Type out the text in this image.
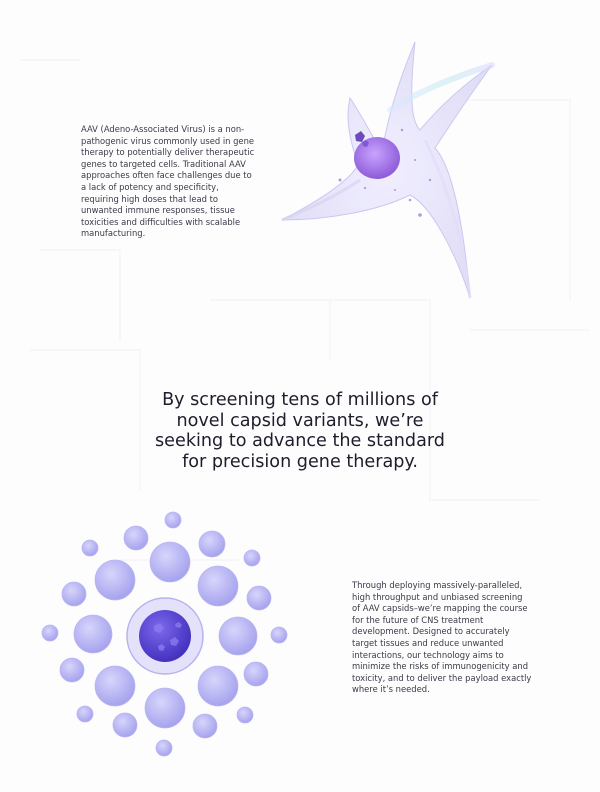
AAV (Adeno-Associated Virus) is a non-pathogenic virus commonly used in gene therapy to potentially deliver therapeutic genes to targeted cells. Traditional AAV approaches often face challenges due to a lack of potency and specificity, requiring high doses that lead to unwanted immune responses, tissue toxicities and difficulties with scalable manufacturing.

By screening tens of millions of novel capsid variants, we’re seeking to advance the standard for precision gene therapy.

Through deploying massively-paralleled, high throughput and unbiased screening of AAV capsids–we’re mapping the course for the future of CNS treatment development. Designed to accurately target tissues and reduce unwanted interactions, our technology aims to minimize the risks of immunogenicity and toxicity, and to deliver the payload exactly where it’s needed.
